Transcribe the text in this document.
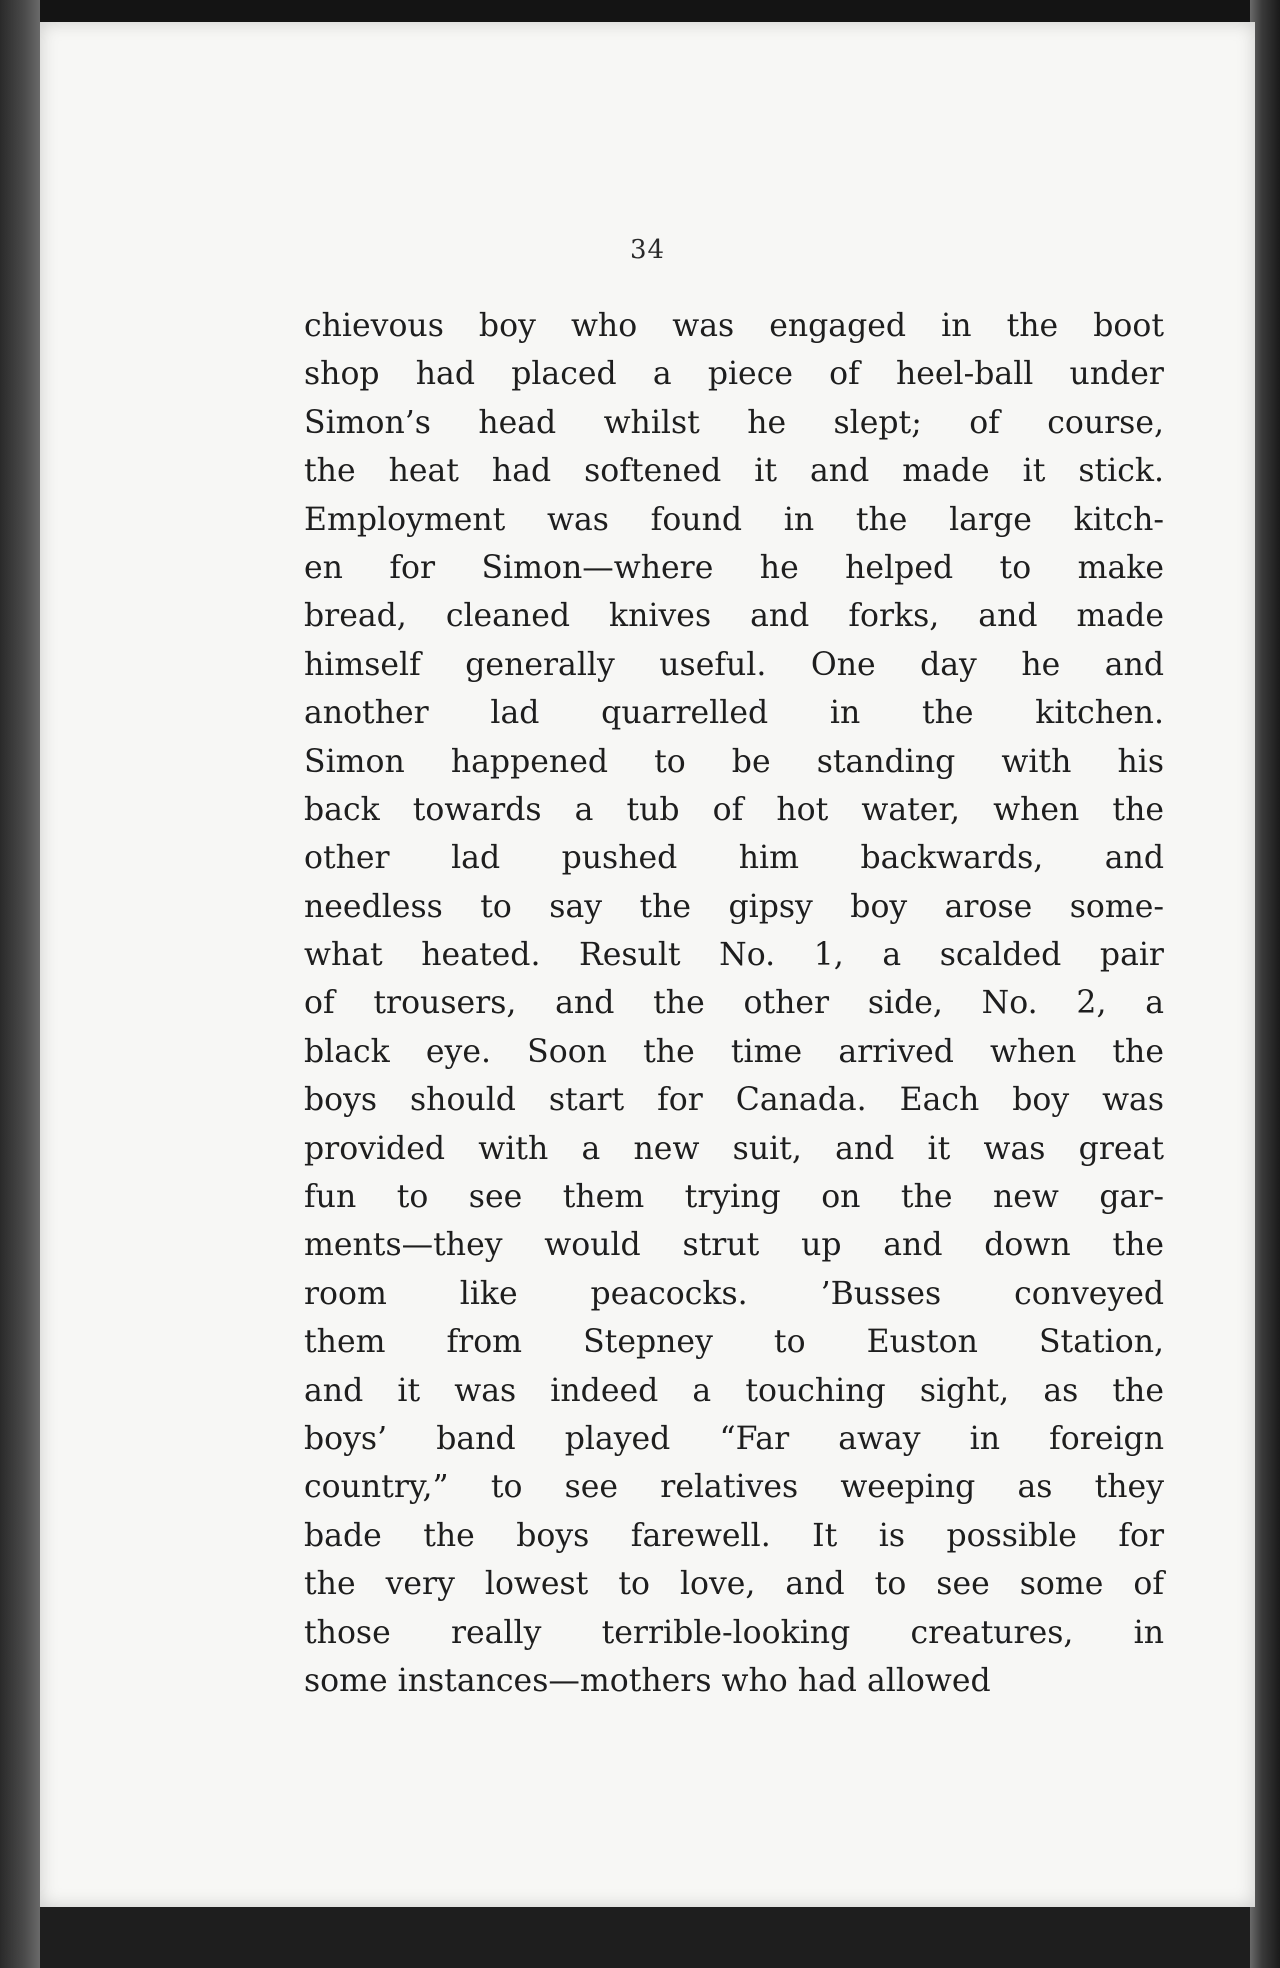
34
chievous boy who was engaged in the boot
shop had placed a piece of heel-ball under
Simon’s head whilst he slept; of course,
the heat had softened it and made it stick.
Employment was found in the large kitch-
en for Simon—where he helped to make
bread, cleaned knives and forks, and made
himself generally useful. One day he and
another lad quarrelled in the kitchen.
Simon happened to be standing with his
back towards a tub of hot water, when the
other lad pushed him backwards, and
needless to say the gipsy boy arose some-
what heated. Result No. 1, a scalded pair
of trousers, and the other side, No. 2, a
black eye. Soon the time arrived when the
boys should start for Canada. Each boy was
provided with a new suit, and it was great
fun to see them trying on the new gar-
ments—they would strut up and down the
room like peacocks. ’Busses conveyed
them from Stepney to Euston Station,
and it was indeed a touching sight, as the
boys’ band played “Far away in foreign
country,” to see relatives weeping as they
bade the boys farewell. It is possible for
the very lowest to love, and to see some of
those really terrible-looking creatures, in
some instances—mothers who had allowed
